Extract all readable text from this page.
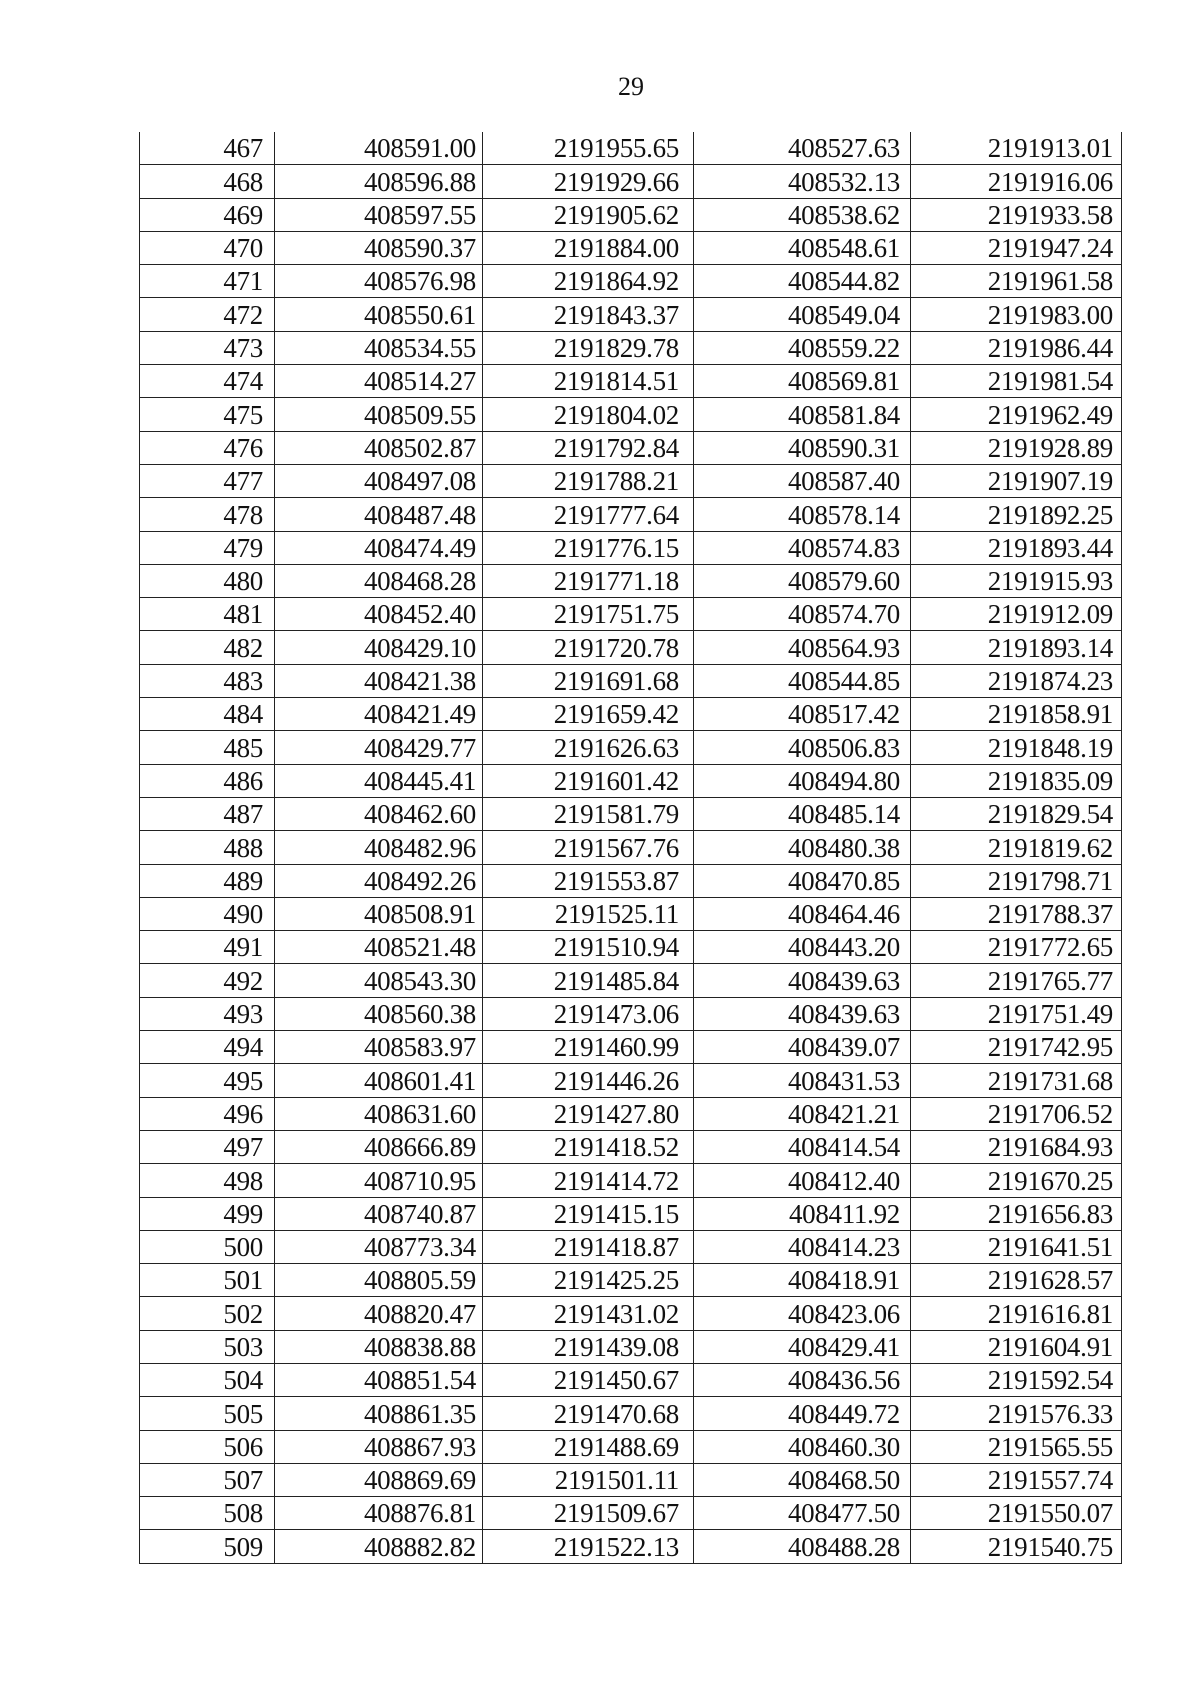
29
467	408591.00	2191955.65	408527.63	2191913.01
468	408596.88	2191929.66	408532.13	2191916.06
469	408597.55	2191905.62	408538.62	2191933.58
470	408590.37	2191884.00	408548.61	2191947.24
471	408576.98	2191864.92	408544.82	2191961.58
472	408550.61	2191843.37	408549.04	2191983.00
473	408534.55	2191829.78	408559.22	2191986.44
474	408514.27	2191814.51	408569.81	2191981.54
475	408509.55	2191804.02	408581.84	2191962.49
476	408502.87	2191792.84	408590.31	2191928.89
477	408497.08	2191788.21	408587.40	2191907.19
478	408487.48	2191777.64	408578.14	2191892.25
479	408474.49	2191776.15	408574.83	2191893.44
480	408468.28	2191771.18	408579.60	2191915.93
481	408452.40	2191751.75	408574.70	2191912.09
482	408429.10	2191720.78	408564.93	2191893.14
483	408421.38	2191691.68	408544.85	2191874.23
484	408421.49	2191659.42	408517.42	2191858.91
485	408429.77	2191626.63	408506.83	2191848.19
486	408445.41	2191601.42	408494.80	2191835.09
487	408462.60	2191581.79	408485.14	2191829.54
488	408482.96	2191567.76	408480.38	2191819.62
489	408492.26	2191553.87	408470.85	2191798.71
490	408508.91	2191525.11	408464.46	2191788.37
491	408521.48	2191510.94	408443.20	2191772.65
492	408543.30	2191485.84	408439.63	2191765.77
493	408560.38	2191473.06	408439.63	2191751.49
494	408583.97	2191460.99	408439.07	2191742.95
495	408601.41	2191446.26	408431.53	2191731.68
496	408631.60	2191427.80	408421.21	2191706.52
497	408666.89	2191418.52	408414.54	2191684.93
498	408710.95	2191414.72	408412.40	2191670.25
499	408740.87	2191415.15	408411.92	2191656.83
500	408773.34	2191418.87	408414.23	2191641.51
501	408805.59	2191425.25	408418.91	2191628.57
502	408820.47	2191431.02	408423.06	2191616.81
503	408838.88	2191439.08	408429.41	2191604.91
504	408851.54	2191450.67	408436.56	2191592.54
505	408861.35	2191470.68	408449.72	2191576.33
506	408867.93	2191488.69	408460.30	2191565.55
507	408869.69	2191501.11	408468.50	2191557.74
508	408876.81	2191509.67	408477.50	2191550.07
509	408882.82	2191522.13	408488.28	2191540.75
